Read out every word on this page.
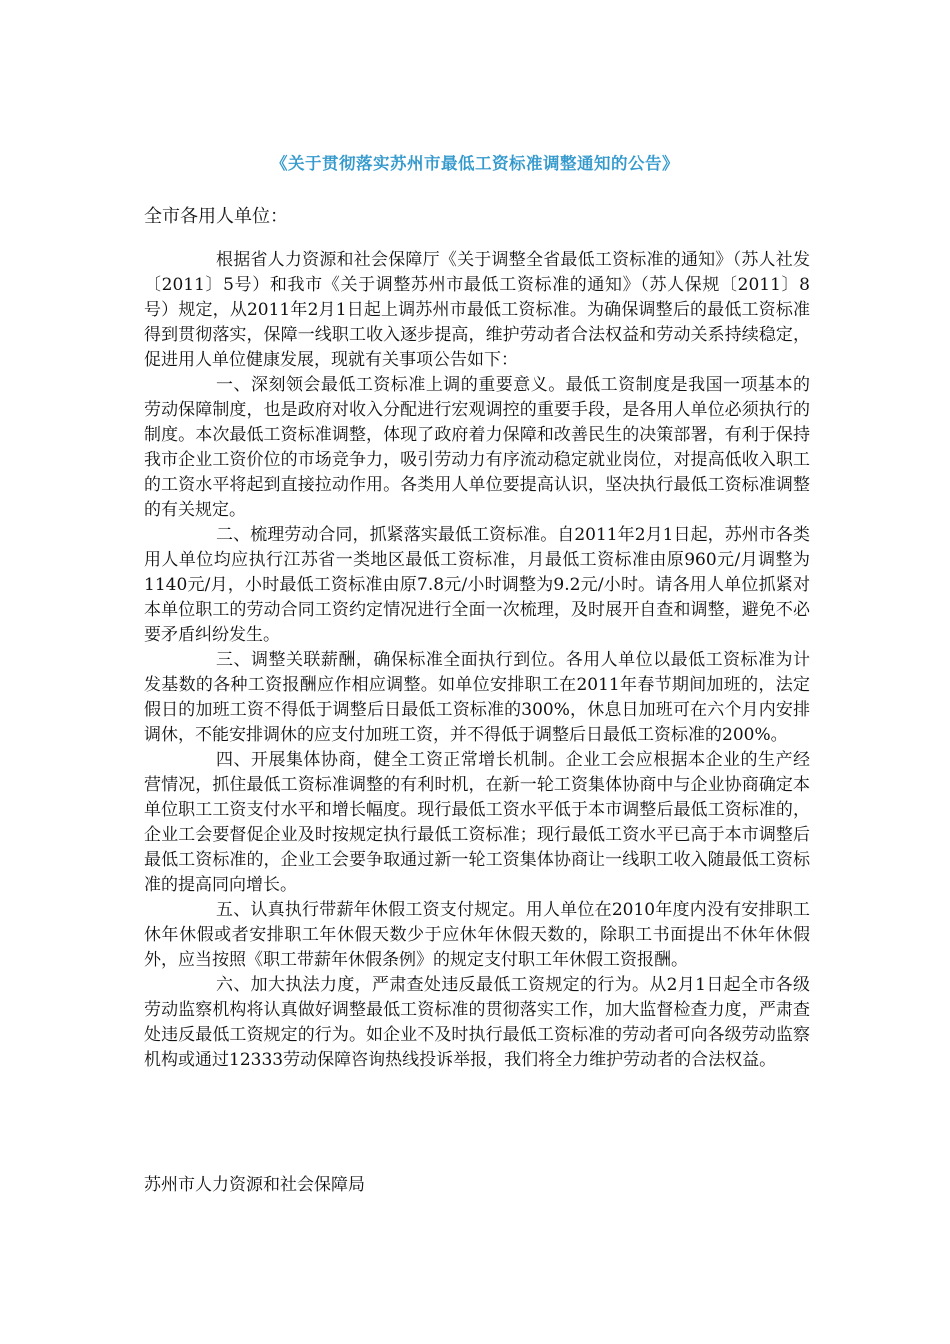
《关于贯彻落实苏州市最低工资标准调整通知的公告》

全市各用人单位：

根据省人力资源和社会保障厅《关于调整全省最低工资标准的通知》（苏人社发〔2011〕5号）和我市《关于调整苏州市最低工资标准的通知》（苏人保规〔2011〕8号）规定，从2011年2月1日起上调苏州市最低工资标准。为确保调整后的最低工资标准得到贯彻落实，保障一线职工收入逐步提高，维护劳动者合法权益和劳动关系持续稳定，促进用人单位健康发展，现就有关事项公告如下：

一、深刻领会最低工资标准上调的重要意义。最低工资制度是我国一项基本的劳动保障制度，也是政府对收入分配进行宏观调控的重要手段，是各用人单位必须执行的制度。本次最低工资标准调整，体现了政府着力保障和改善民生的决策部署，有利于保持我市企业工资价位的市场竞争力，吸引劳动力有序流动稳定就业岗位，对提高低收入职工的工资水平将起到直接拉动作用。各类用人单位要提高认识，坚决执行最低工资标准调整的有关规定。

二、梳理劳动合同，抓紧落实最低工资标准。自2011年2月1日起，苏州市各类用人单位均应执行江苏省一类地区最低工资标准，月最低工资标准由原960元/月调整为1140元/月，小时最低工资标准由原7.8元/小时调整为9.2元/小时。请各用人单位抓紧对本单位职工的劳动合同工资约定情况进行全面一次梳理，及时展开自查和调整，避免不必要矛盾纠纷发生。

三、调整关联薪酬，确保标准全面执行到位。各用人单位以最低工资标准为计发基数的各种工资报酬应作相应调整。如单位安排职工在2011年春节期间加班的，法定假日的加班工资不得低于调整后日最低工资标准的300%，休息日加班可在六个月内安排调休，不能安排调休的应支付加班工资，并不得低于调整后日最低工资标准的200%。

四、开展集体协商，健全工资正常增长机制。企业工会应根据本企业的生产经营情况，抓住最低工资标准调整的有利时机，在新一轮工资集体协商中与企业协商确定本单位职工工资支付水平和增长幅度。现行最低工资水平低于本市调整后最低工资标准的，企业工会要督促企业及时按规定执行最低工资标准；现行最低工资水平已高于本市调整后最低工资标准的，企业工会要争取通过新一轮工资集体协商让一线职工收入随最低工资标准的提高同向增长。

五、认真执行带薪年休假工资支付规定。用人单位在2010年度内没有安排职工休年休假或者安排职工年休假天数少于应休年休假天数的，除职工书面提出不休年休假外，应当按照《职工带薪年休假条例》的规定支付职工年休假工资报酬。

六、加大执法力度，严肃查处违反最低工资规定的行为。从2月1日起全市各级劳动监察机构将认真做好调整最低工资标准的贯彻落实工作，加大监督检查力度，严肃查处违反最低工资规定的行为。如企业不及时执行最低工资标准的劳动者可向各级劳动监察机构或通过12333劳动保障咨询热线投诉举报，我们将全力维护劳动者的合法权益。

苏州市人力资源和社会保障局
